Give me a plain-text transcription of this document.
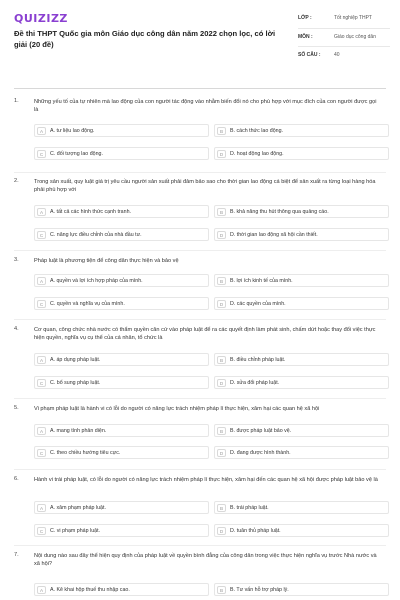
QUIZIZZ
Đề thi THPT Quốc gia môn Giáo dục công dân năm 2022 chọn lọc, có lời giải (20 đề)
LỚP :	Tốt nghiệp THPT
MÔN :	Giáo dục công dân
SỐ CÂU :	40
1.	Những yếu tố của tự nhiên mà lao động của con người tác động vào nhằm biến đổi nó cho phù hợp với mục đích của con người được gọi là
A	A. tư liệu lao động.	B	B. cách thức lao động.
C	C. đối tượng lao động.	D	D. hoạt động lao động.
2.	Trong sản xuất, quy luật giá trị yêu cầu người sản xuất phải đảm bảo sao cho thời gian lao động cá biệt để sản xuất ra từng loại hàng hóa phải phù hợp với
A	A. tất cả các hình thức cạnh tranh.	B	B. khả năng thu hút thông qua quảng cáo.
C	C. năng lực điều chỉnh của nhà đầu tư.	D	D. thời gian lao động xã hội cần thiết.
3.	Pháp luật là phương tiện để công dân thực hiện và bảo vệ
A	A. quyền và lợi ích hợp pháp của mình.	B	B. lợi ích kinh tế của mình.
C	C. quyền và nghĩa vụ của mình.	D	D. các quyền của mình.
4.	Cơ quan, công chức nhà nước có thẩm quyền căn cứ vào pháp luật để ra các quyết định làm phát sinh, chấm dứt hoặc thay đổi việc thực hiện quyền, nghĩa vụ cụ thể của cá nhân, tổ chức là
A	A. áp dụng pháp luật.	B	B. điều chỉnh pháp luật.
C	C. bổ sung pháp luật.	D	D. sửa đổi pháp luật.
5.	Vi phạm pháp luật là hành vi có lỗi do người có năng lực trách nhiệm pháp lí thực hiện, xâm hại các quan hệ xã hội
A	A. mang tính phản diện.	B	B. được pháp luật bảo vệ.
C	C. theo chiều hướng tiêu cực.	D	D. đang được hình thành.
6.	Hành vi trái pháp luật, có lỗi do người có năng lực trách nhiệm pháp lí thực hiện, xâm hại đến các quan hệ xã hội được pháp luật bảo vệ là
A	A. xâm phạm pháp luật.	B	B. trái pháp luật.
C	C. vi phạm pháp luật.	D	D. tuân thủ pháp luật.
7.	Nội dung nào sau đây thể hiện quy định của pháp luật về quyền bình đẳng của công dân trong việc thực hiện nghĩa vụ trước Nhà nước và xã hội?
A	A. Kê khai hộp thuế thu nhập cao.	B	B. Tư vấn hỗ trợ pháp lý.
